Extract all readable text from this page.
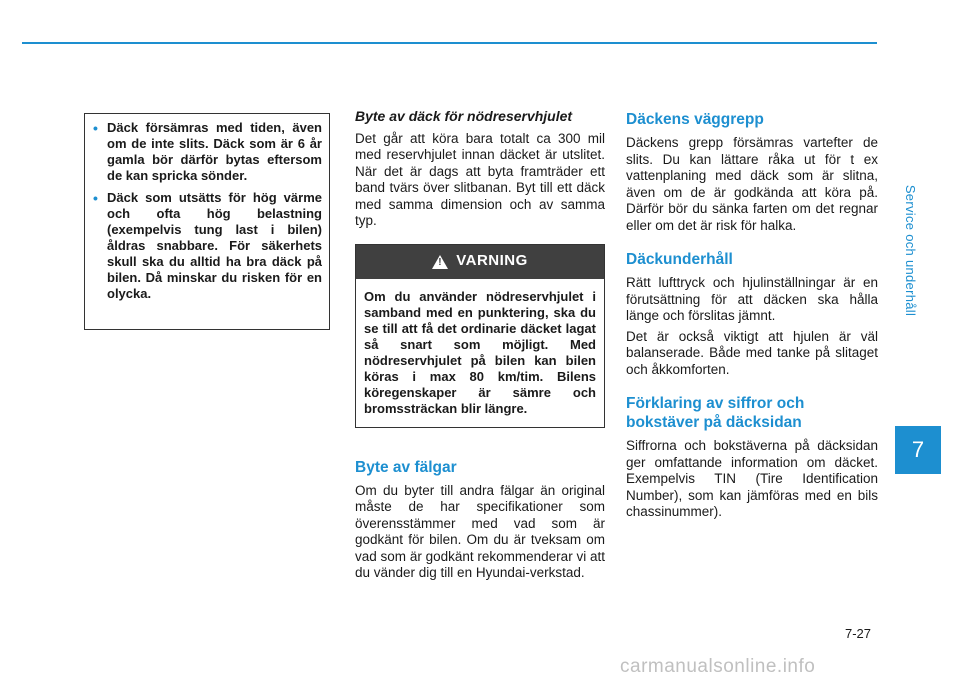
Service och underhåll
7
• Däck försämras med tiden, även om de inte slits. Däck som är 6 år gamla bör därför bytas eftersom de kan spricka sönder.
• Däck som utsätts för hög värme och ofta hög belastning (exempelvis tung last i bilen) åldras snabbare. För säkerhets skull ska du alltid ha bra däck på bilen. Då minskar du risken för en olycka.
Byte av däck för nödreservhjulet

Det går att köra bara totalt ca 300 mil med reservhjulet innan däcket är utslitet. När det är dags att byta framträder ett band tvärs över slitbanan. Byt till ett däck med samma dimension och av samma typ.

! VARNING
Om du använder nödreservhjulet i samband med en punktering, ska du se till att få det ordinarie däcket lagat så snart som möjligt. Med nödreservhjulet på bilen kan bilen köras i max 80 km/tim. Bilens köregenskaper är sämre och bromssträckan blir längre.
Byte av fälgar

Om du byter till andra fälgar än original måste de har specifikationer som överensstämmer med vad som är godkänt för bilen. Om du är tveksam om vad som är godkänt rekommenderar vi att du vänder dig till en Hyundai-verkstad.

Däckens väggrepp

Däckens grepp försämras vartefter de slits. Du kan lättare råka ut för t ex vattenplaning med däck som är slitna, även om de är godkända att köra på. Därför bör du sänka farten om det regnar eller om det är risk för halka.

Däckunderhåll

Rätt lufttryck och hjulinställningar är en förutsättning för att däcken ska hålla länge och förslitas jämnt.

Det är också viktigt att hjulen är väl balanserade. Både med tanke på slitaget och åkkomforten.

Förklaring av siffror och bokstäver på däcksidan

Siffrorna och bokstäverna på däcksidan ger omfattande information om däcket. Exempelvis TIN (Tire Identification Number), som kan jämföras med en bils chassinummer).

7-27
carmanualsonline.info
